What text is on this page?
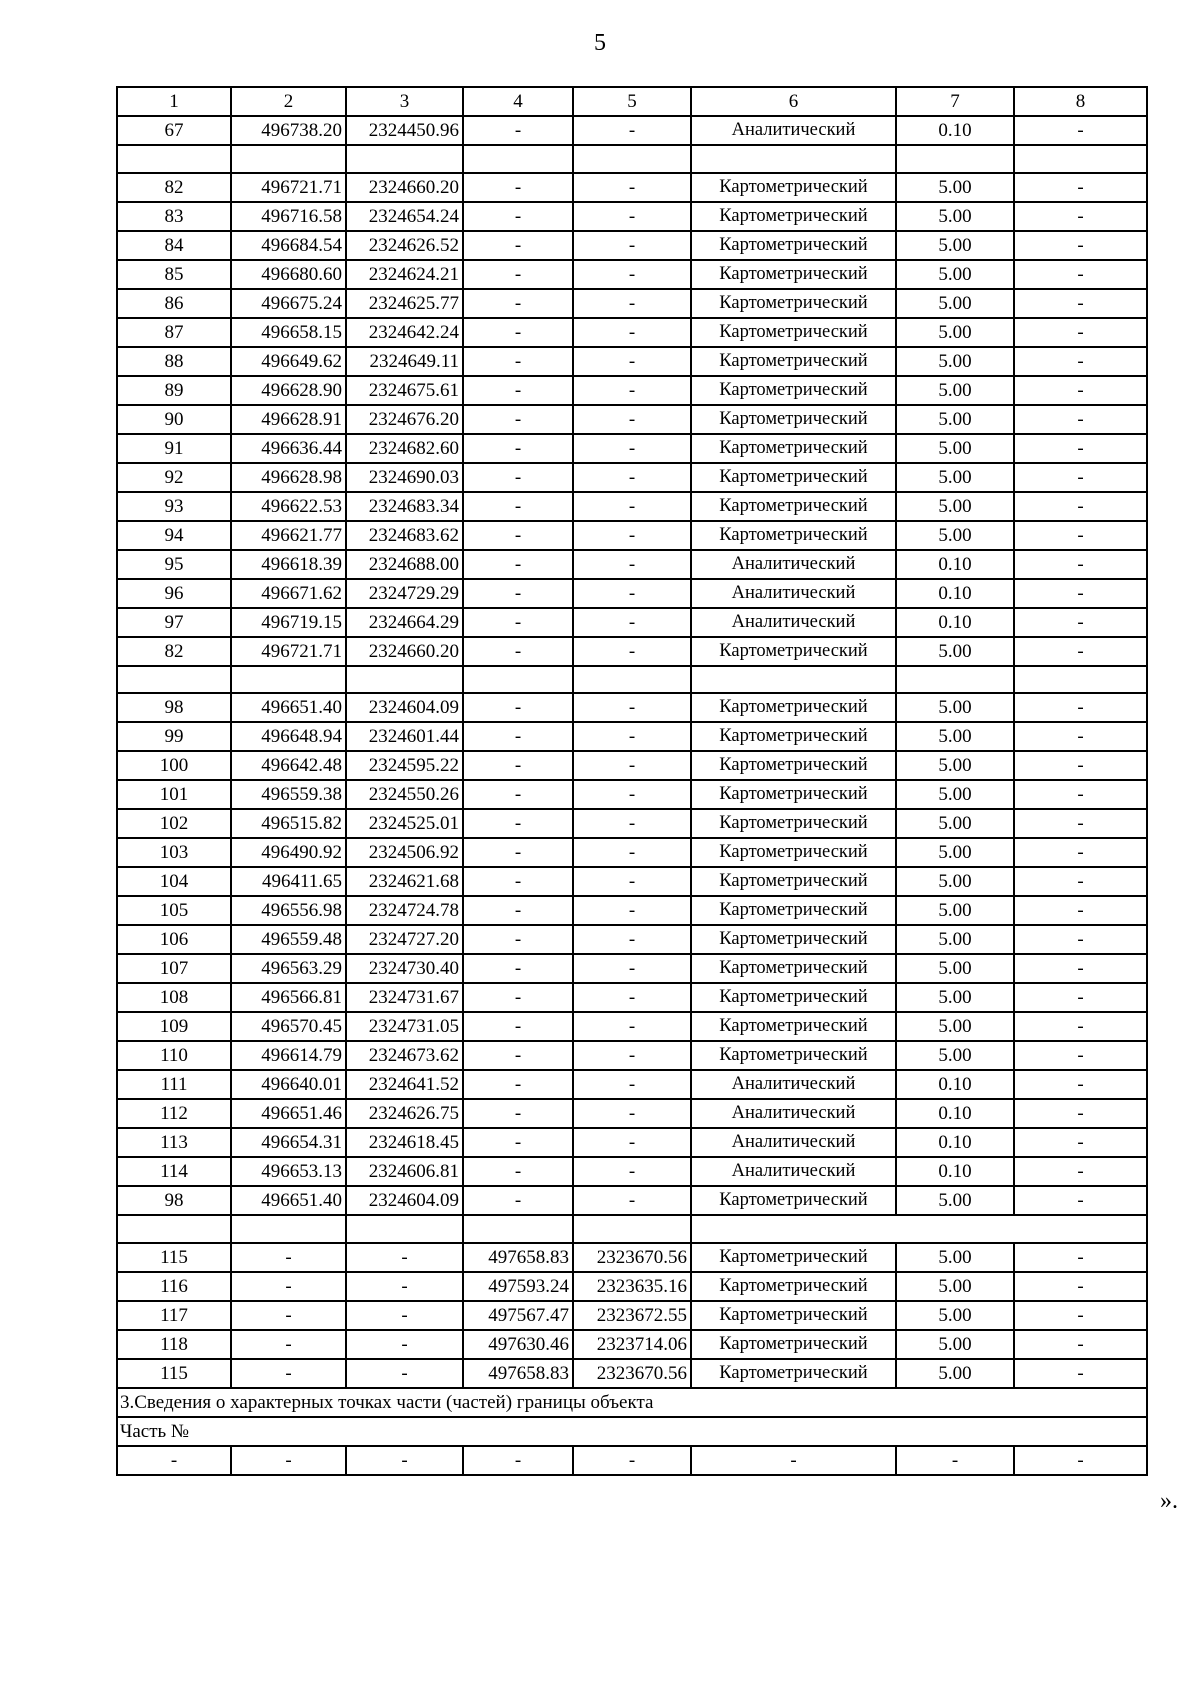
5
1	2	3	4	5	6	7	8
67	496738.20	2324450.96	-	-	Аналитический	0.10	-

82	496721.71	2324660.20	-	-	Картометрический	5.00	-
83	496716.58	2324654.24	-	-	Картометрический	5.00	-
84	496684.54	2324626.52	-	-	Картометрический	5.00	-
85	496680.60	2324624.21	-	-	Картометрический	5.00	-
86	496675.24	2324625.77	-	-	Картометрический	5.00	-
87	496658.15	2324642.24	-	-	Картометрический	5.00	-
88	496649.62	2324649.11	-	-	Картометрический	5.00	-
89	496628.90	2324675.61	-	-	Картометрический	5.00	-
90	496628.91	2324676.20	-	-	Картометрический	5.00	-
91	496636.44	2324682.60	-	-	Картометрический	5.00	-
92	496628.98	2324690.03	-	-	Картометрический	5.00	-
93	496622.53	2324683.34	-	-	Картометрический	5.00	-
94	496621.77	2324683.62	-	-	Картометрический	5.00	-
95	496618.39	2324688.00	-	-	Аналитический	0.10	-
96	496671.62	2324729.29	-	-	Аналитический	0.10	-
97	496719.15	2324664.29	-	-	Аналитический	0.10	-
82	496721.71	2324660.20	-	-	Картометрический	5.00	-

98	496651.40	2324604.09	-	-	Картометрический	5.00	-
99	496648.94	2324601.44	-	-	Картометрический	5.00	-
100	496642.48	2324595.22	-	-	Картометрический	5.00	-
101	496559.38	2324550.26	-	-	Картометрический	5.00	-
102	496515.82	2324525.01	-	-	Картометрический	5.00	-
103	496490.92	2324506.92	-	-	Картометрический	5.00	-
104	496411.65	2324621.68	-	-	Картометрический	5.00	-
105	496556.98	2324724.78	-	-	Картометрический	5.00	-
106	496559.48	2324727.20	-	-	Картометрический	5.00	-
107	496563.29	2324730.40	-	-	Картометрический	5.00	-
108	496566.81	2324731.67	-	-	Картометрический	5.00	-
109	496570.45	2324731.05	-	-	Картометрический	5.00	-
110	496614.79	2324673.62	-	-	Картометрический	5.00	-
111	496640.01	2324641.52	-	-	Аналитический	0.10	-
112	496651.46	2324626.75	-	-	Аналитический	0.10	-
113	496654.31	2324618.45	-	-	Аналитический	0.10	-
114	496653.13	2324606.81	-	-	Аналитический	0.10	-
98	496651.40	2324604.09	-	-	Картометрический	5.00	-

115	-	-	497658.83	2323670.56	Картометрический	5.00	-
116	-	-	497593.24	2323635.16	Картометрический	5.00	-
117	-	-	497567.47	2323672.55	Картометрический	5.00	-
118	-	-	497630.46	2323714.06	Картометрический	5.00	-
115	-	-	497658.83	2323670.56	Картометрический	5.00	-
3.Сведения о характерных точках части (частей) границы объекта							
Часть №							
-	-	-	-	-	-	-	-
».
